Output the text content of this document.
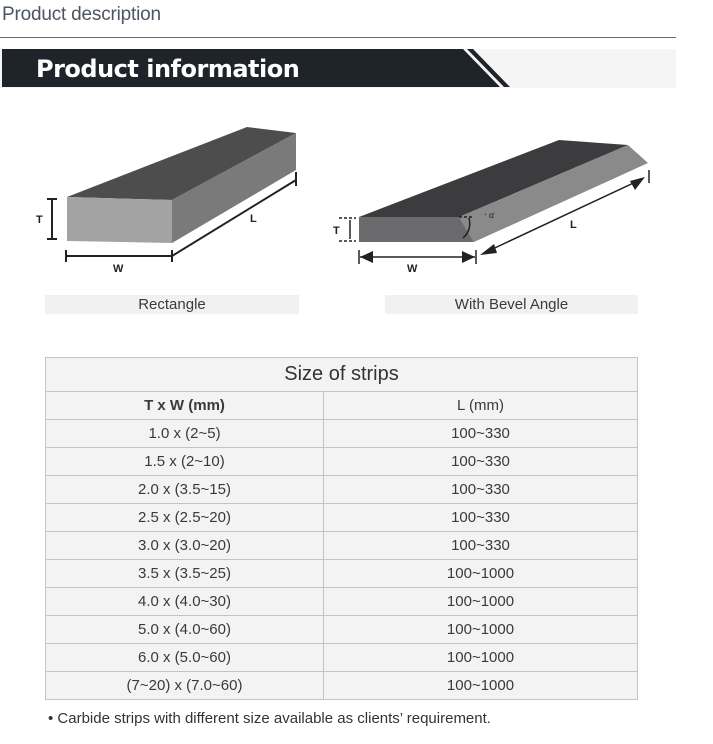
Product description
Product information
T
W
L
Rectangle
T
W
L
· α
With Bevel Angle
Size of strips	
T x W (mm)	L (mm)
1.0 x (2~5)	100~330
1.5 x (2~10)	100~330
2.0 x (3.5~15)	100~330
2.5 x (2.5~20)	100~330
3.0 x (3.0~20)	100~330
3.5 x (3.5~25)	100~1000
4.0 x (4.0~30)	100~1000
5.0 x (4.0~60)	100~1000
6.0 x (5.0~60)	100~1000
(7~20) x (7.0~60)	100~1000
• Carbide strips with different size available as clients’ requirement.
